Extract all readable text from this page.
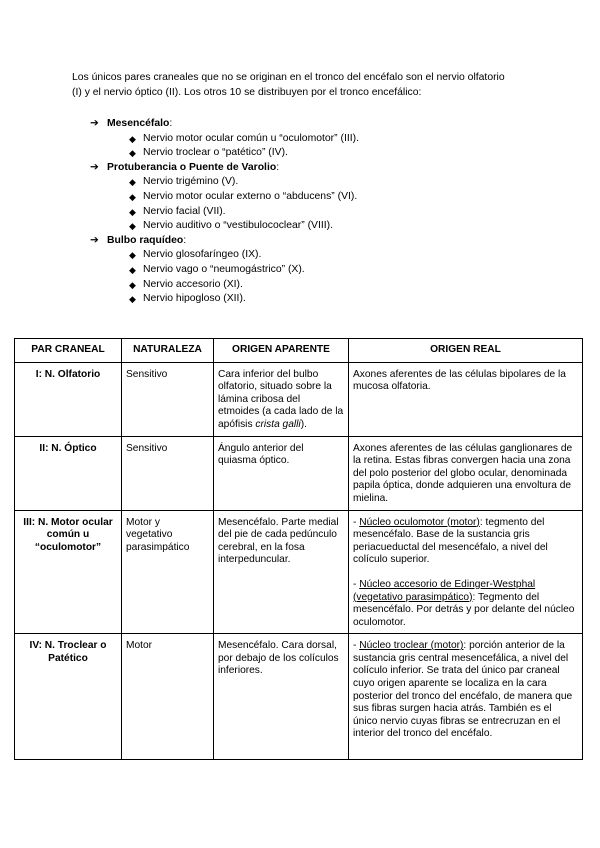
Los únicos pares craneales que no se originan en el tronco del encéfalo son el nervio olfatorio (I) y el nervio óptico (II). Los otros 10 se distribuyen por el tronco encefálico:

➔ Mesencéfalo:
◆ Nervio motor ocular común u “oculomotor” (III).
◆ Nervio troclear o “patético” (IV).
➔ Protuberancia o Puente de Varolio:
◆ Nervio trigémino (V).
◆ Nervio motor ocular externo o “abducens” (VI).
◆ Nervio facial (VII).
◆ Nervio auditivo o “vestibulococlear” (VIII).
➔ Bulbo raquídeo:
◆ Nervio glosofaríngeo (IX).
◆ Nervio vago o “neumogástrico” (X).
◆ Nervio accesorio (XI).
◆ Nervio hipogloso (XII).
PAR CRANEAL	NATURALEZA	ORIGEN APARENTE	ORIGEN REAL
I: N. Olfatorio	Sensitivo	Cara inferior del bulbo olfatorio, situado sobre la lámina cribosa del etmoides (a cada lado de la apófisis crista galli).	Axones aferentes de las células bipolares de la mucosa olfatoria.
II: N. Óptico	Sensitivo	Ángulo anterior del quiasma óptico.	Axones aferentes de las células ganglionares de la retina. Estas fibras convergen hacia una zona del polo posterior del globo ocular, denominada papila óptica, donde adquieren una envoltura de mielina.
III: N. Motor ocular común u “oculomotor”	Motor y vegetativo parasimpático	Mesencéfalo. Parte medial del pie de cada pedúnculo cerebral, en la fosa interpeduncular.	- Núcleo oculomotor (motor): tegmento del mesencéfalo. Base de la sustancia gris periacueductal del mesencéfalo, a nivel del colículo superior.
- Núcleo accesorio de Edinger-Westphal (vegetativo parasimpático): Tegmento del mesencéfalo. Por detrás y por delante del núcleo oculomotor.

IV: N. Troclear o Patético	Motor	Mesencéfalo. Cara dorsal, por debajo de los colículos inferiores.	- Núcleo troclear (motor): porción anterior de la sustancia gris central mesencefálica, a nivel del colículo inferior. Se trata del único par craneal cuyo origen aparente se localiza en la cara posterior del tronco del encéfalo, de manera que sus fibras surgen hacia atrás. También es el único nervio cuyas fibras se entrecruzan en el interior del tronco del encéfalo.
